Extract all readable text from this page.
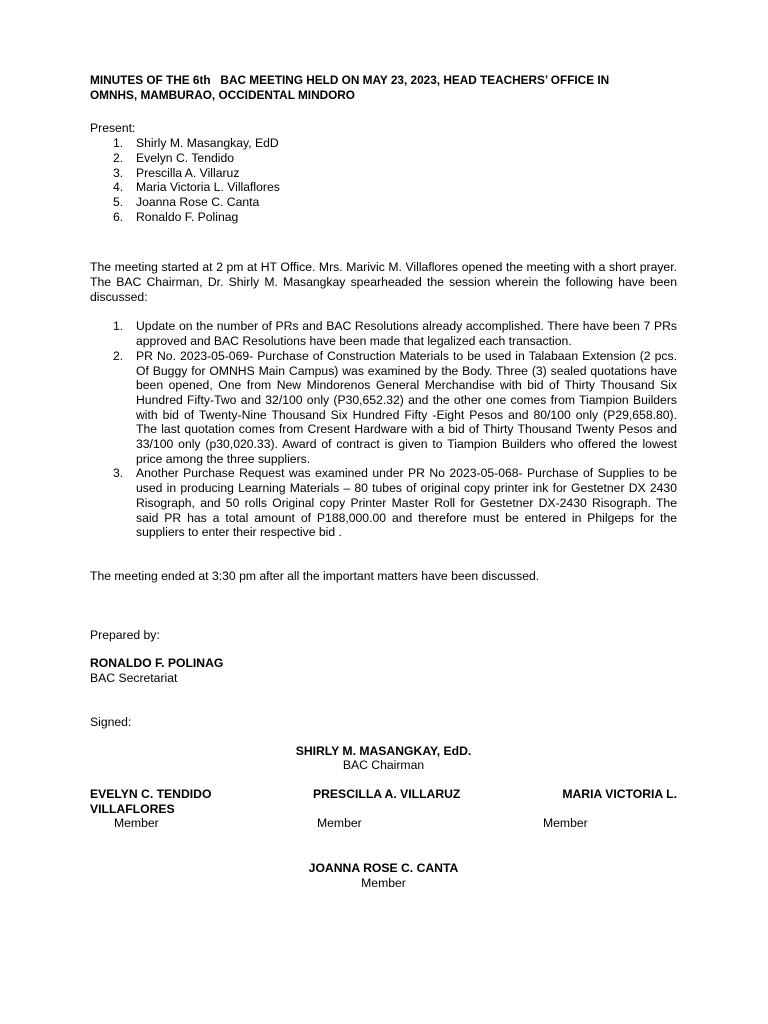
MINUTES OF THE 6th   BAC MEETING HELD ON MAY 23, 2023, HEAD TEACHERS’ OFFICE IN
OMNHS, MAMBURAO, OCCIDENTAL MINDORO
Present:
1. Shirly M. Masangkay, EdD
2. Evelyn C. Tendido
3. Prescilla A. Villaruz
4. Maria Victoria L. Villaflores
5. Joanna Rose C. Canta
6. Ronaldo F. Polinag

The meeting started at 2 pm at HT Office. Mrs. Marivic M. Villaflores opened the meeting with a short prayer. The BAC Chairman, Dr. Shirly M. Masangkay spearheaded the session wherein the following have been discussed:

1. Update on the number of PRs and BAC Resolutions already accomplished. There have been 7 PRs approved and BAC Resolutions have been made that legalized each transaction.
2. PR No. 2023-05-069- Purchase of Construction Materials to be used in Talabaan Extension (2 pcs. Of Buggy for OMNHS Main Campus) was examined by the Body. Three (3) sealed quotations have been opened, One from New Mindorenos General Merchandise with bid of Thirty Thousand Six Hundred Fifty-Two and 32/100 only (P30,652.32) and the other one comes from Tiampion Builders with bid of Twenty-Nine Thousand Six Hundred Fifty -Eight Pesos and 80/100 only (P29,658.80). The last quotation comes from Cresent Hardware with a bid of Thirty Thousand Twenty Pesos and 33/100 only (p30,020.33). Award of contract is given to Tiampion Builders who offered the lowest price among the three suppliers.
3. Another Purchase Request was examined under PR No 2023-05-068- Purchase of Supplies to be used in producing Learning Materials – 80 tubes of original copy printer ink for Gestetner DX 2430 Risograph, and 50 rolls Original copy Printer Master Roll for Gestetner DX-2430 Risograph. The said PR has a total amount of P188,000.00 and therefore must be entered in Philgeps for the suppliers to enter their respective bid .
The meeting ended at 3:30 pm after all the important matters have been discussed.
Prepared by:
RONALDO F. POLINAG
BAC Secretariat
Signed:
SHIRLY M. MASANGKAY, EdD.
BAC Chairman
EVELYN C. TENDIDO
VILLAFLORES
Member
PRESCILLA A. VILLARUZ
Member
MARIA VICTORIA L.
Member
JOANNA ROSE C. CANTA
Member
